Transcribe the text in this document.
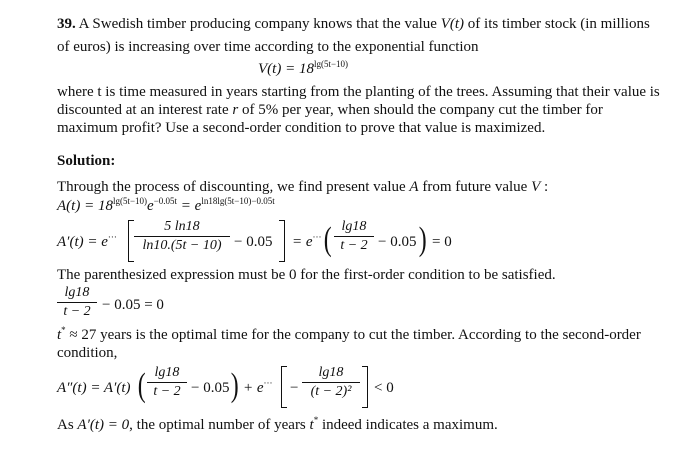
39. A Swedish timber producing company knows that the value V(t) of its timber stock (in millions
of euros) is increasing over time according to the exponential function
$V(t) = 18^{lg(5t-10)}$
where t is time measured in years starting from the planting of the trees. Assuming that their value is
discounted at an interest rate r of 5% per year, when should the company cut the timber for
maximum profit? Use a second-order condition to prove that value is maximized.
Solution:
Through the process of discounting, we find present value A from future value V :
$A(t) = 18^{lg(5t-10)}e^{-0.05t} = e^{ln18lg(5t-10)-0.05t}$
$A'(t) = e^{\cdot\cdot\cdot} \frac{5 \ln 18}{\ln 10.(5t - 10)} - 0.05 = e^{\cdot\cdot\cdot}$ ( $\frac{\lg 18}{t - 2} - 0.05$ ) = 0
The parenthesized expression must be 0 for the first-order condition to be satisfied.
$\frac{\lg 18}{t - 2} - 0.05 = 0$
t* ≈ 27 years is the optimal time for the company to cut the timber. According to the second-order
condition,
A″(t) = A′(t) ( $\frac{\lg 18}{t - 2} - 0.05$ ) + $e^{\cdot\cdot\cdot} - \frac{\lg 18}{\text{(t − 2)²}} < 0$
As A′(t) = 0, the optimal number of years t* indeed indicates a maximum.
